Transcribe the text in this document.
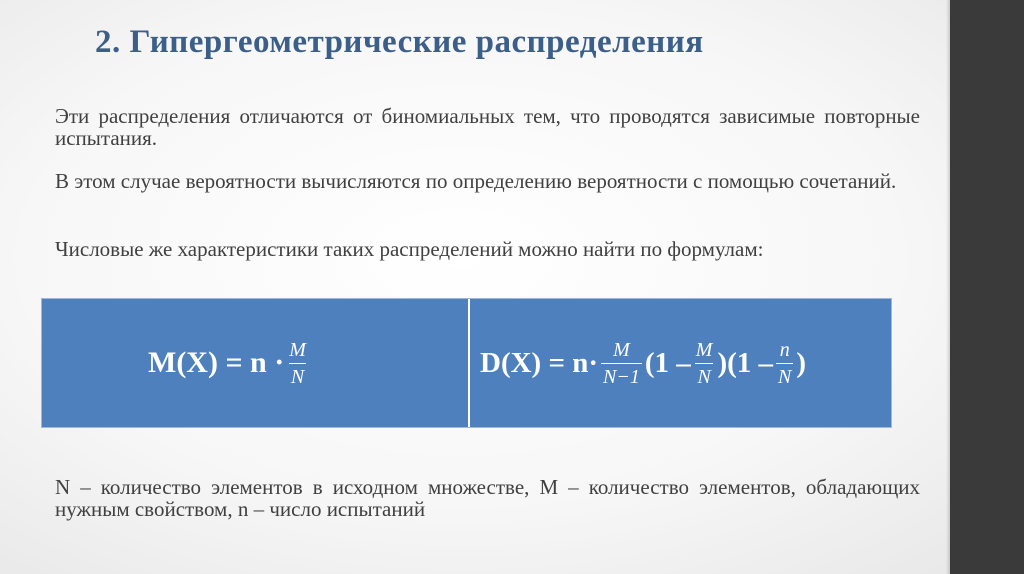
2. Гипергеометрические распределения

Эти распределения отличаются от биномиальных тем, что проводятся зависимые повторные испытания.

В этом случае вероятности вычисляются по определению вероятности с помощью сочетаний.

Числовые же характеристики таких распределений можно найти по формулам:

$M(X) = n \cdot \frac{M}{N}$	$D(X) = n\cdot \frac{M}{N-1} (1 - \frac{M}{N} )(1 - \frac{n}{N}$ )

N – количество элементов в исходном множестве, М – количество элементов, обладающих нужным свойством, n – число испытаний
